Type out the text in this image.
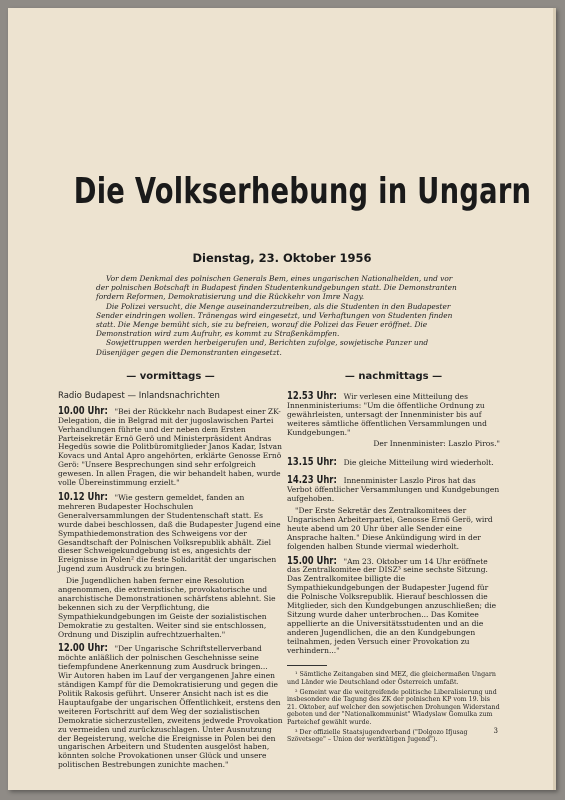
Die Volkserhebung in Ungarn
Dienstag, 23. Oktober 1956

Vor dem Denkmal des polnischen Generals Bem, eines ungarischen Nationalhelden, und vor der polnischen Botschaft in Budapest finden Studentenkundgebungen statt. Die Demonstranten fordern Reformen, Demokratisierung und die Rückkehr von Imre Nagy.

Die Polizei versucht, die Menge auseinanderzutreiben, als die Studenten in den Budapester Sender eindringen wollen. Tränengas wird eingesetzt, und Verhaftungen von Studenten finden statt. Die Menge bemüht sich, sie zu befreien, worauf die Polizei das Feuer eröffnet. Die Demonstration wird zum Aufruhr, es kommt zu Straßenkämpfen.

Sowjettruppen werden herbeigerufen und, Berichten zufolge, sowjetische Panzer und Düsenjäger gegen die Demonstranten eingesetzt.

— vormittags —
Radio Budapest — Inlandsnachrichten

10.00 Uhr: "Bei der Rückkehr nach Budapest einer ZK-Delegation, die in Belgrad mit der jugoslawischen Partei Verhandlungen führte und der neben dem Ersten Parteisekretär Ernö Gerö und Ministerpräsident Andras Hegedüs sowie die Politbüromitglieder Janos Kadar, Istvan Kovacs und Antal Apro angehörten, erklärte Genosse Ernö Gerö: "Unsere Besprechungen sind sehr erfolgreich gewesen. In allen Fragen, die wir behandelt haben, wurde volle Übereinstimmung erzielt."

10.12 Uhr: "Wie gestern gemeldet, fanden an mehreren Budapester Hochschulen Generalversammlungen der Studentenschaft statt. Es wurde dabei beschlossen, daß die Budapester Jugend eine Sympathiedemonstration des Schweigens vor der Gesandtschaft der Polnischen Volksrepublik abhält. Ziel dieser Schweigekundgebung ist es, angesichts der Ereignisse in Polen² die feste Solidarität der ungarischen Jugend zum Ausdruck zu bringen.

Die Jugendlichen haben ferner eine Resolution angenommen, die extremistische, provokatorische und anarchistische Demonstrationen schärfstens ablehnt. Sie bekennen sich zu der Verpflichtung, die Sympathiekundgebungen im Geiste der sozialistischen Demokratie zu gestalten. Weiter sind sie entschlossen, Ordnung und Disziplin aufrechtzuerhalten."

12.00 Uhr: "Der Ungarische Schriftstellerverband möchte anläßlich der polnischen Geschehnisse seine tiefempfundene Anerkennung zum Ausdruck bringen... Wir Autoren haben im Lauf der vergangenen Jahre einen ständigen Kampf für die Demokratisierung und gegen die Politik Rakosis geführt. Unserer Ansicht nach ist es die Hauptaufgabe der ungarischen Öffentlichkeit, erstens den weiteren Fortschritt auf dem Weg der sozialistischen Demokratie sicherzustellen, zweitens jedwede Provokation zu vermeiden und zurückzuschlagen. Unter Ausnutzung der Begeisterung, welche die Ereignisse in Polen bei den ungarischen Arbeitern und Studenten ausgelöst haben, könnten solche Provokationen unser Glück und unsere politischen Bestrebungen zunichte machen."

— nachmittags —

12.53 Uhr: Wir verlesen eine Mitteilung des Innenministeriums: "Um die öffentliche Ordnung zu gewährleisten, untersagt der Innenminister bis auf weiteres sämtliche öffentlichen Versammlungen und Kundgebungen."

Der Innenminister: Laszlo Piros."

13.15 Uhr: Die gleiche Mitteilung wird wiederholt.

14.23 Uhr: Innenminister Laszlo Piros hat das Verbot öffentlicher Versammlungen und Kundgebungen aufgehoben.

"Der Erste Sekretär des Zentralkomitees der Ungarischen Arbeiterpartei, Genosse Ernö Gerö, wird heute abend um 20 Uhr über alle Sender eine Ansprache halten." Diese Ankündigung wird in der folgenden halben Stunde viermal wiederholt.

15.00 Uhr: "Am 23. Oktober um 14 Uhr eröffnete das Zentralkomitee der DISZ³ seine sechste Sitzung. Das Zentralkomitee billigte die Sympathiekundgebungen der Budapester Jugend für die Polnische Volksrepublik. Hierauf beschlossen die Mitglieder, sich den Kundgebungen anzuschließen; die Sitzung wurde daher unterbrochen... Das Komitee appellierte an die Universitätsstudenten und an die anderen Jugendlichen, die an den Kundgebungen teilnahmen, jeden Versuch einer Provokation zu verhindern..."

¹ Sämtliche Zeitangaben sind MEZ, die gleichermaßen Ungarn und Länder wie Deutschland oder Österreich umfaßt.

² Gemeint war die weitgreifende politische Liberalisierung und insbesondere die Tagung des ZK der polnischen KP vom 19. bis 21. Oktober, auf welcher den sowjetischen Drohungen Widerstand geboten und der "Nationalkommunist" Wladyslaw Gomulka zum Parteichef gewählt wurde.

³ Der offizielle Staatsjugendverband ("Dolgozo Ifjusag Szövetsege" – Union der werktätigen Jugend").

3
